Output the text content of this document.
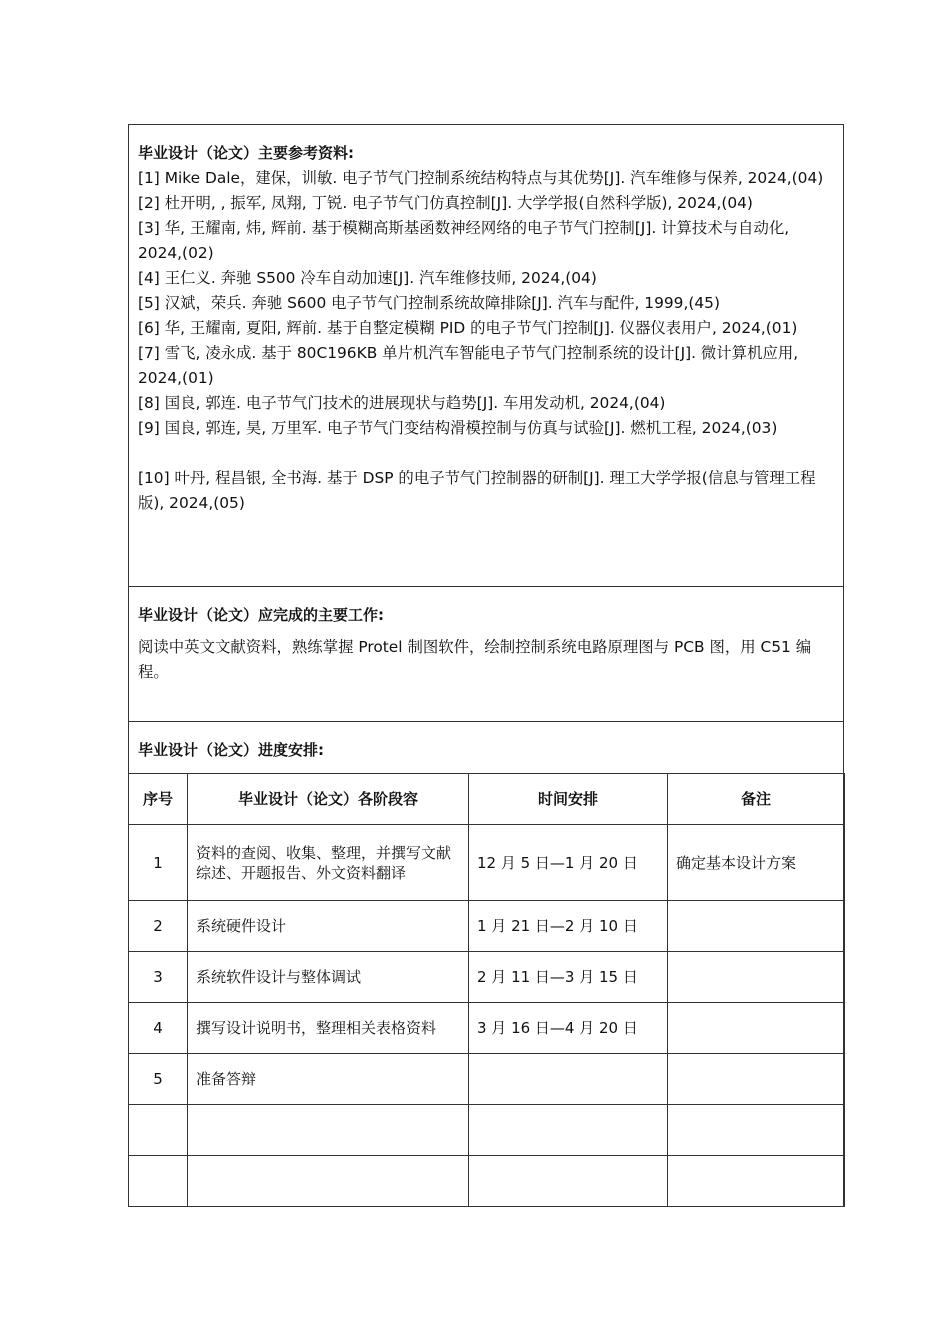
毕业设计（论文）主要参考资料:

[1] Mike Dale，建保，训敏. 电子节气门控制系统结构特点与其优势[J]. 汽车维修与保养, 2024,(04)

[2] 杜开明, , 振军, 凤翔, 丁锐. 电子节气门仿真控制[J]. 大学学报(自然科学版), 2024,(04)

[3] 华, 王耀南, 炜, 辉前. 基于模糊高斯基函数神经网络的电子节气门控制[J]. 计算技术与自动化, 2024,(02)

[4] 王仁义. 奔驰 S500 冷车自动加速[J]. 汽车维修技师, 2024,(04)

[5] 汉斌，荣兵. 奔驰 S600 电子节气门控制系统故障排除[J]. 汽车与配件, 1999,(45)

[6] 华, 王耀南, 夏阳, 辉前. 基于自整定模糊 PID 的电子节气门控制[J]. 仪器仪表用户, 2024,(01)

[7] 雪飞, 凌永成. 基于 80C196KB 单片机汽车智能电子节气门控制系统的设计[J]. 微计算机应用, 2024,(01)

[8] 国良, 郭连. 电子节气门技术的进展现状与趋势[J]. 车用发动机, 2024,(04)

[9] 国良, 郭连, 昊, 万里军. 电子节气门变结构滑模控制与仿真与试验[J]. 燃机工程, 2024,(03)

[10] 叶丹, 程昌银, 全书海. 基于 DSP 的电子节气门控制器的研制[J]. 理工大学学报(信息与管理工程版), 2024,(05)

毕业设计（论文）应完成的主要工作:
阅读中英文文献资料，熟练掌握 Protel 制图软件，绘制控制系统电路原理图与 PCB 图，用 C51 编程。
毕业设计（论文）进度安排:
序号	毕业设计（论文）各阶段容	时间安排	备注
1	资料的查阅、收集、整理，并撰写文献综述、开题报告、外文资料翻译	12 月 5 日—1 月 20 日	确定基本设计方案
2	系统硬件设计	1 月 21 日—2 月 10 日	
3	系统软件设计与整体调试	2 月 11 日—3 月 15 日	
4	撰写设计说明书，整理相关表格资料	3 月 16 日—4 月 20 日	
5	准备答辩		
